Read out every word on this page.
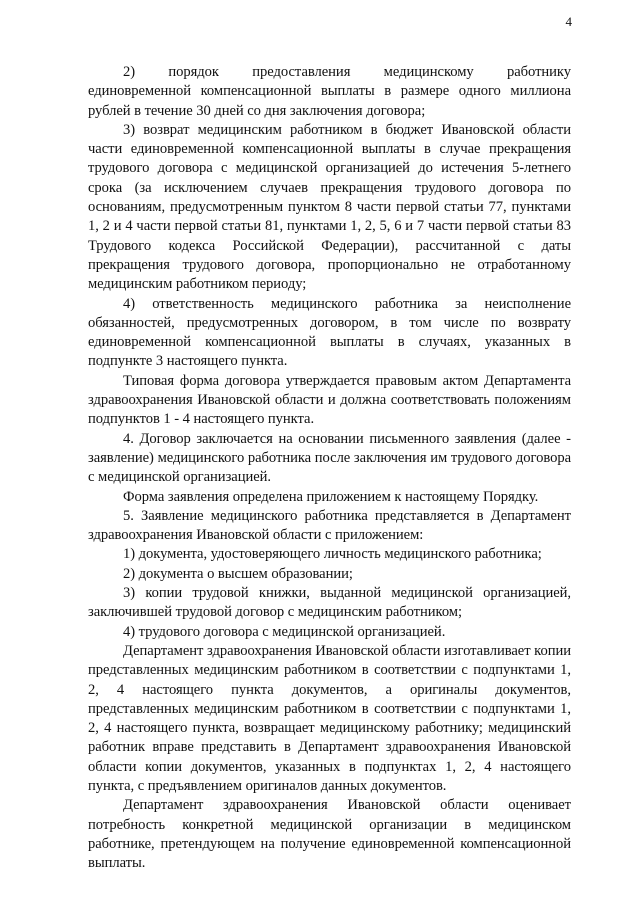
4

2)      порядок      предоставления      медицинскому      работнику единовременной компенсационной выплаты в размере одного миллиона рублей в течение 30 дней со дня заключения договора;

3) возврат медицинским работником в бюджет Ивановской области части единовременной компенсационной выплаты в случае прекращения трудового договора с медицинской организацией до истечения 5-летнего срока (за исключением случаев прекращения трудового договора по основаниям, предусмотренным пунктом 8 части первой статьи 77, пунктами 1, 2 и 4 части первой статьи 81, пунктами 1, 2, 5, 6 и 7 части первой статьи 83 Трудового кодекса Российской Федерации), рассчитанной с даты прекращения трудового договора, пропорционально не отработанному медицинским работником периоду;

4) ответственность медицинского работника за неисполнение обязанностей, предусмотренных договором, в том числе по возврату единовременной компенсационной выплаты в случаях, указанных в подпункте 3 настоящего пункта.

Типовая форма договора утверждается правовым актом Департамента здравоохранения Ивановской области и должна соответствовать положениям подпунктов 1 - 4 настоящего пункта.

4. Договор заключается на основании письменного заявления (далее - заявление) медицинского работника после заключения им трудового договора с медицинской организацией.

Форма заявления определена приложением к настоящему Порядку.

5. Заявление медицинского работника представляется в Департамент здравоохранения Ивановской области с приложением:

1) документа, удостоверяющего личность медицинского работника;

2) документа о высшем образовании;

3) копии трудовой книжки, выданной медицинской организацией, заключившей трудовой договор с медицинским работником;

4) трудового договора с медицинской организацией.

Департамент здравоохранения Ивановской области изготавливает копии представленных медицинским работником в соответствии с подпунктами 1, 2, 4 настоящего пункта документов, а оригиналы документов, представленных медицинским работником в соответствии с подпунктами 1, 2, 4 настоящего пункта, возвращает медицинскому работнику; медицинский работник вправе представить в Департамент здравоохранения Ивановской области копии документов, указанных в подпунктах 1, 2, 4 настоящего пункта, с предъявлением оригиналов данных документов.

Департамент здравоохранения Ивановской области оценивает потребность конкретной медицинской организации в медицинском работнике, претендующем на получение единовременной компенсационной выплаты.
